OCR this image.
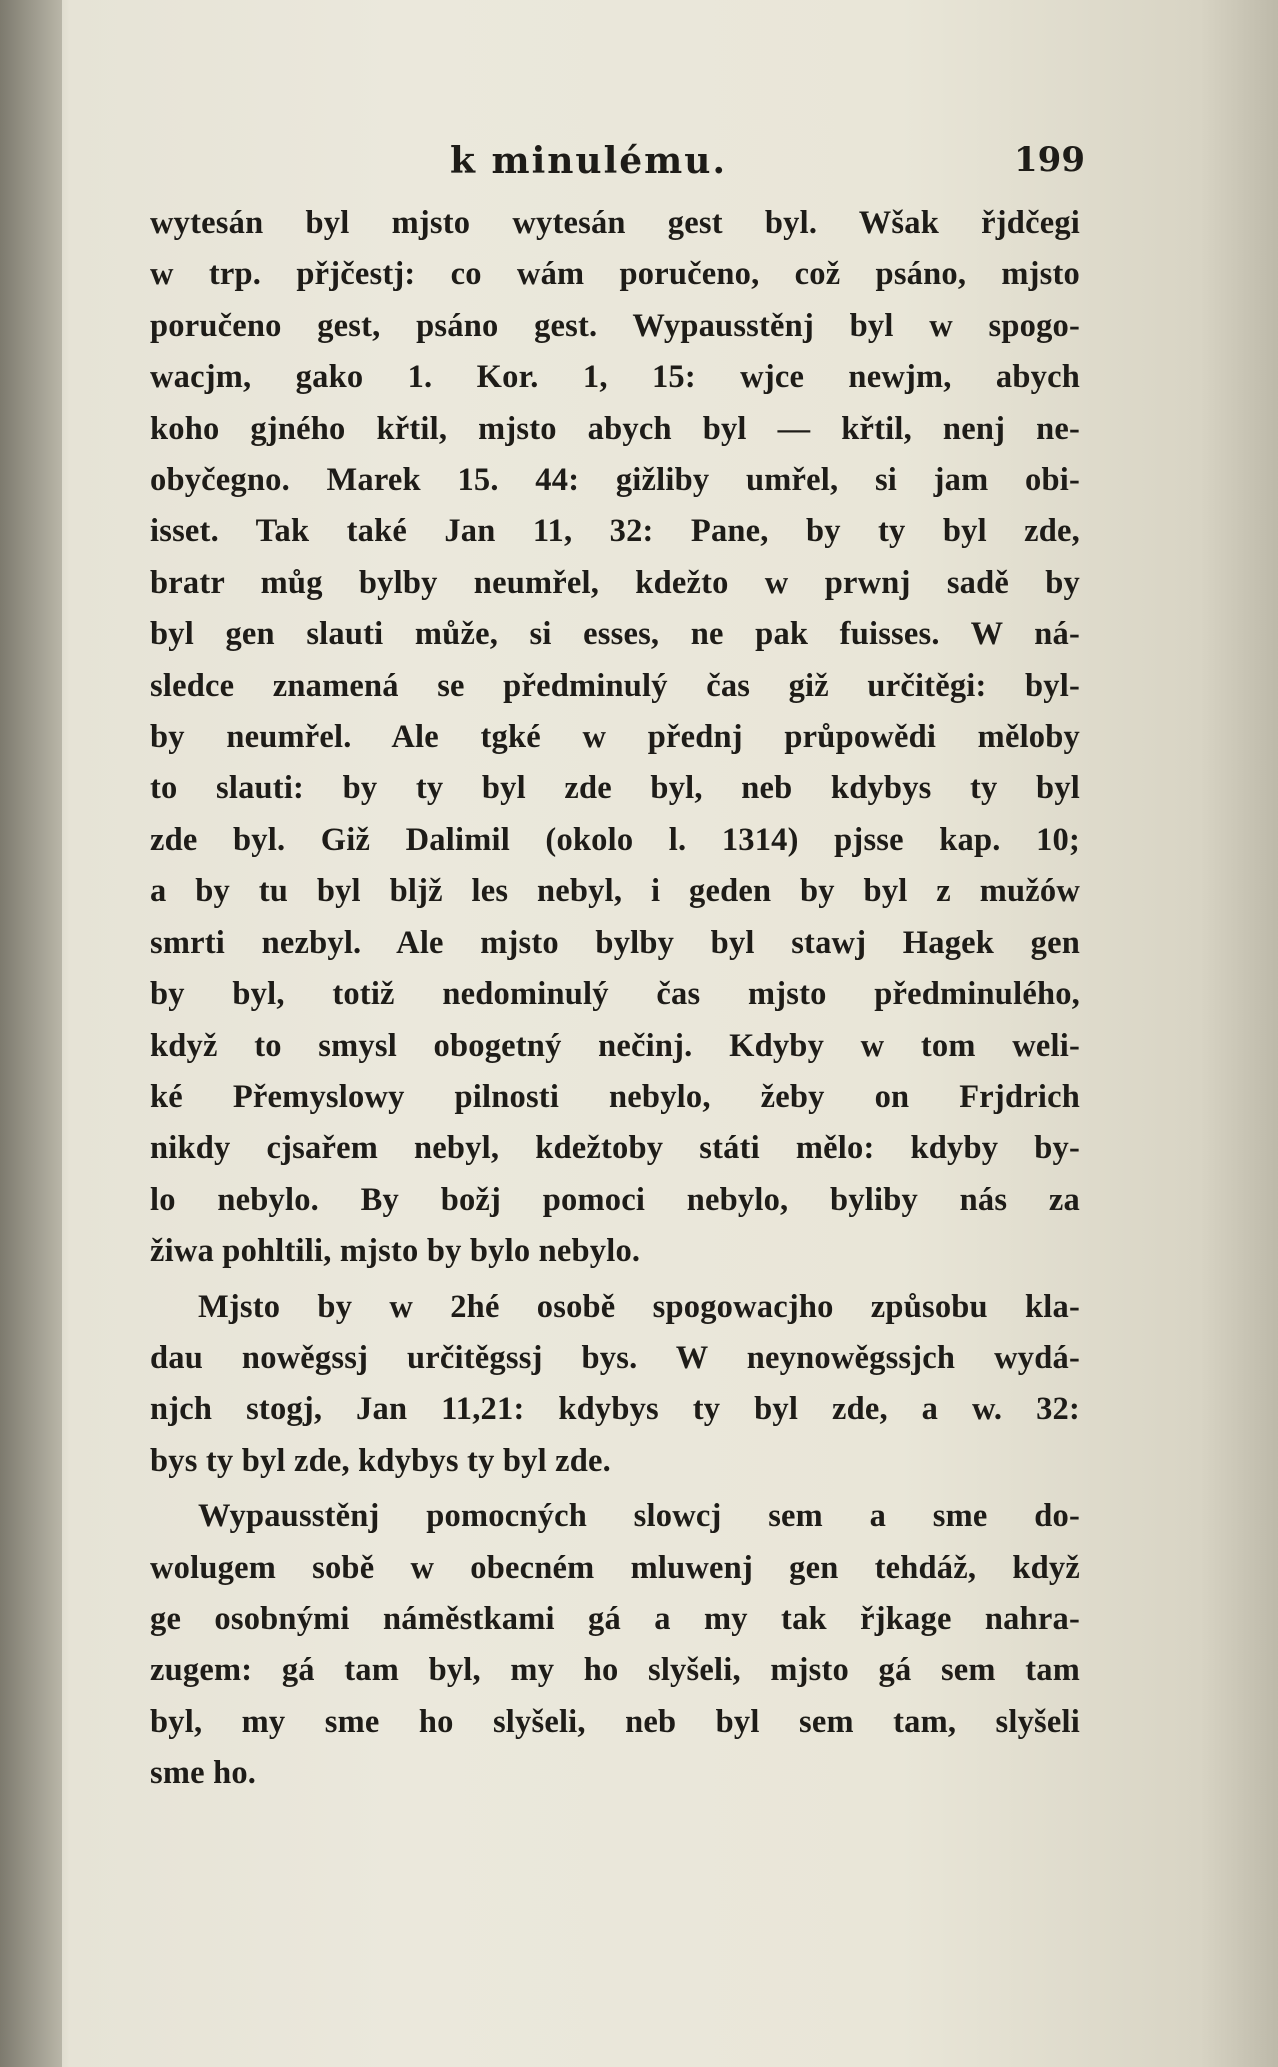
k minulému.	199
wytesán byl mjsto wytesán gest byl. Wšak řjdčegi
w trp. přjčestj: co wám poručeno, což psáno, mjsto
poručeno gest, psáno gest. Wypausstěnj byl w spogo-
wacjm, gako 1. Kor. 1, 15: wjce newjm, abych
koho gjného křtil, mjsto abych byl — křtil, nenj ne-
obyčegno. Marek 15. 44: gižliby umřel, si jam obi-
isset. Tak také Jan 11, 32: Pane, by ty byl zde,
bratr můg bylby neumřel, kdežto w prwnj sadě by
byl gen slauti může, si esses, ne pak fuisses. W ná-
sledce znamená se předminulý čas giž určitěgi: byl-
by neumřel. Ale tgké w přednj průpowědi měloby
to slauti: by ty byl zde byl, neb kdybys ty byl
zde byl. Giž Dalimil (okolo l. 1314) pjsse kap. 10;
a by tu byl bljž les nebyl, i geden by byl z mužów
smrti nezbyl. Ale mjsto bylby byl stawj Hagek gen
by byl, totiž nedominulý čas mjsto předminulého,
když to smysl obogetný nečinj. Kdyby w tom weli-
ké Přemyslowy pilnosti nebylo, žeby on Frjdrich
nikdy cjsařem nebyl, kdežtoby státi mělo: kdyby by-
lo nebylo. By božj pomoci nebylo, byliby nás za
žiwa pohltili, mjsto by bylo nebylo.
Mjsto by w 2hé osobě spogowacjho způsobu kla-
dau nowěgssj určitěgssj bys. W neynowěgssjch wydá-
njch stogj, Jan 11,21: kdybys ty byl zde, a w. 32:
bys ty byl zde, kdybys ty byl zde.
Wypausstěnj pomocných slowcj sem a sme do-
wolugem sobě w obecném mluwenj gen tehdáž, když
ge osobnými náměstkami gá a my tak řjkage nahra-
zugem: gá tam byl, my ho slyšeli, mjsto gá sem tam
byl, my sme ho slyšeli, neb byl sem tam, slyšeli
sme ho.
